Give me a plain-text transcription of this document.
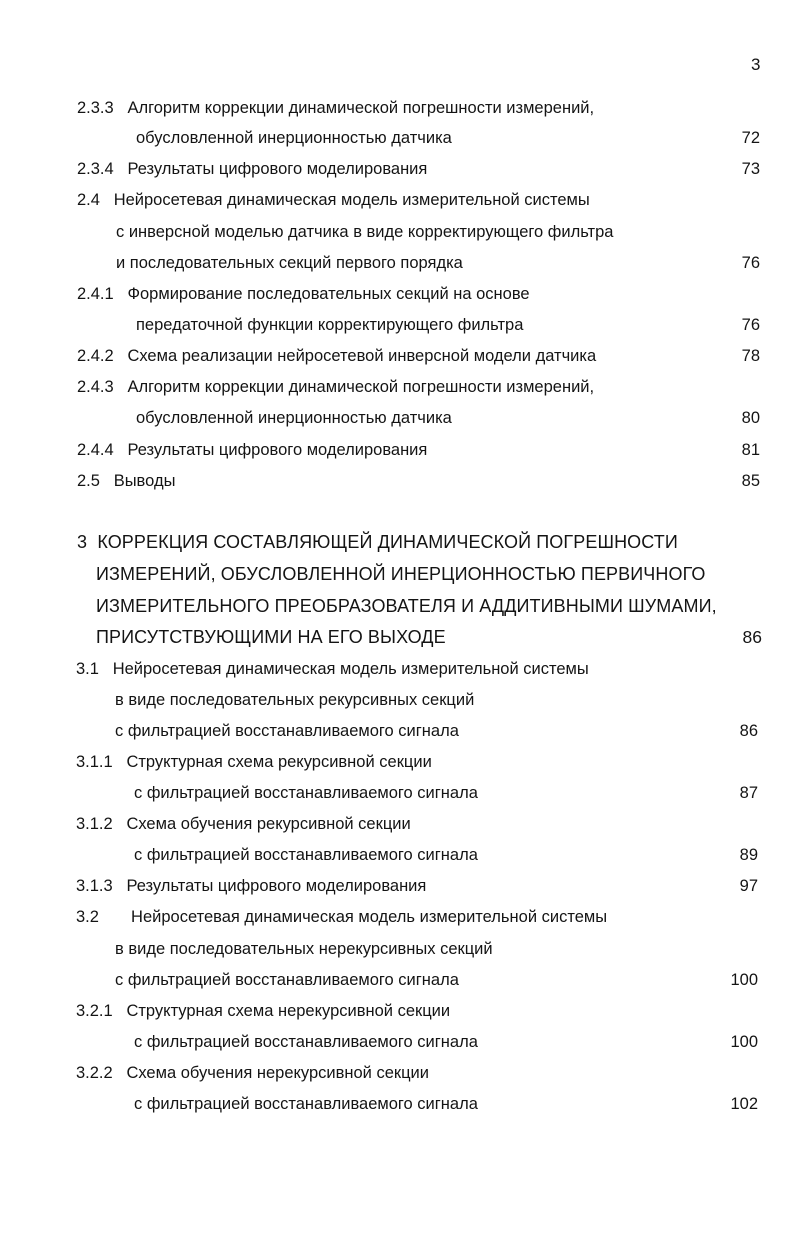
3
2.3.3   Алгоритм коррекции динамической погрешности измерений,
обусловленной инерционностью датчика	72
2.3.4   Результаты цифрового моделирования	73
2.4   Нейросетевая динамическая модель измерительной системы
с инверсной моделью датчика в виде корректирующего фильтра
и последовательных секций первого порядка	76
2.4.1   Формирование последовательных секций на основе
передаточной функции корректирующего фильтра	76
2.4.2   Схема реализации нейросетевой инверсной модели датчика	78
2.4.3   Алгоритм коррекции динамической погрешности измерений,
обусловленной инерционностью датчика	80
2.4.4   Результаты цифрового моделирования	81
2.5   Выводы	85
3  КОРРЕКЦИЯ СОСТАВЛЯЮЩЕЙ ДИНАМИЧЕСКОЙ ПОГРЕШНОСТИ
ИЗМЕРЕНИЙ, ОБУСЛОВЛЕННОЙ ИНЕРЦИОННОСТЬЮ ПЕРВИЧНОГО
ИЗМЕРИТЕЛЬНОГО ПРЕОБРАЗОВАТЕЛЯ И АДДИТИВНЫМИ ШУМАМИ,
ПРИСУТСТВУЮЩИМИ НА ЕГО ВЫХОДЕ	86
3.1   Нейросетевая динамическая модель измерительной системы
в виде последовательных рекурсивных секций
с фильтрацией восстанавливаемого сигнала	86
3.1.1   Структурная схема рекурсивной секции
с фильтрацией восстанавливаемого сигнала	87
3.1.2   Схема обучения рекурсивной секции
с фильтрацией восстанавливаемого сигнала	89
3.1.3   Результаты цифрового моделирования	97
3.2       Нейросетевая динамическая модель измерительной системы
в виде последовательных нерекурсивных секций
с фильтрацией восстанавливаемого сигнала	100
3.2.1   Структурная схема нерекурсивной секции
с фильтрацией восстанавливаемого сигнала	100
3.2.2   Схема обучения нерекурсивной секции
с фильтрацией восстанавливаемого сигнала	102
